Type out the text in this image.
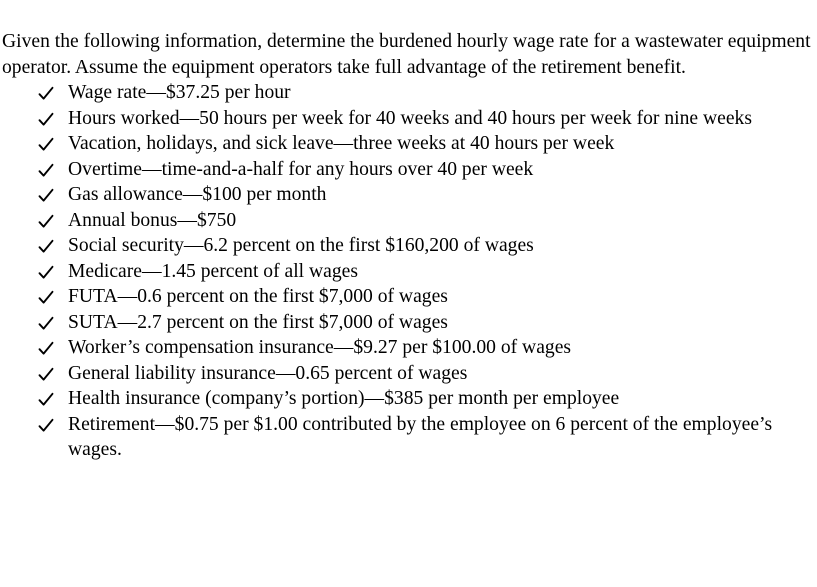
Given the following information, determine the burdened hourly wage rate for a wastewater equipment operator. Assume the equipment operators take full advantage of the retirement benefit.

Wage rate—$37.25 per hour
Hours worked—50 hours per week for 40 weeks and 40 hours per week for nine weeks
Vacation, holidays, and sick leave—three weeks at 40 hours per week
Overtime—time-and-a-half for any hours over 40 per week
Gas allowance—$100 per month
Annual bonus—$750
Social security—6.2 percent on the first $160,200 of wages
Medicare—1.45 percent of all wages
FUTA—0.6 percent on the first $7,000 of wages
SUTA—2.7 percent on the first $7,000 of wages
Worker’s compensation insurance—$9.27 per $100.00 of wages
General liability insurance—0.65 percent of wages
Health insurance (company’s portion)—$385 per month per employee
Retirement—$0.75 per $1.00 contributed by the employee on 6 percent of the employee’s wages.
